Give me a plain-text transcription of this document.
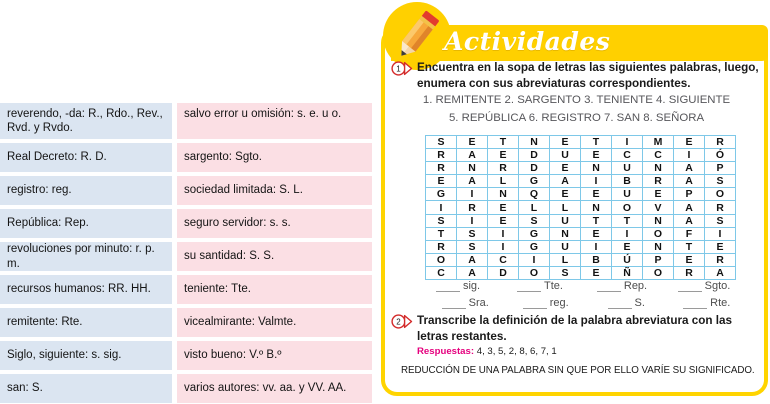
reverendo, -da: R., Rdo., Rev., Rvd. y Rvdo.
Real Decreto: R. D.
registro: reg.
República: Rep.
revoluciones por minuto: r. p. m.
recursos humanos: RR. HH.
remitente: Rte.
Siglo, siguiente: s. sig.
san: S.
salvo error u omisión: s. e. u o.
sargento: Sgto.
sociedad limitada: S. L.
seguro servidor: s. s.
su santidad: S. S.
teniente: Tte.
vicealmirante: Valmte.
visto bueno: V.º B.º
varios autores: vv. aa. y VV. AA.
Actividades
1 Encuentra en la sopa de letras las siguientes palabras, luego, enumera con sus abreviaturas correspondientes.
1. REMITENTE 2. SARGENTO 3. TENIENTE 4. SIGUIENTE
5. REPÚBLICA 6. REGISTRO 7. SAN 8. SEÑORA
S	E	T	N	E	T	I	M	E	R
R	A	E	D	U	E	C	C	I	Ó
R	N	R	D	E	N	U	N	A	P
E	A	L	G	A	I	B	R	A	S
G	I	N	Q	E	E	U	E	P	O
I	R	E	L	L	N	O	V	A	R
S	I	E	S	U	T	T	N	A	S
T	S	I	G	N	E	I	O	F	I
R	S	I	G	U	I	E	N	T	E
O	A	C	I	L	B	Ú	P	E	R
C	A	D	O	S	E	Ñ	O	R	A
sig.	Tte.	Rep.	Sgto.
Sra.	reg.	S.	Rte.
2 Transcribe la definición de la palabra abreviatura con las letras restantes.
Respuestas: 4, 3, 5, 2, 8, 6, 7, 1
REDUCCIÓN DE UNA PALABRA SIN QUE POR ELLO VARÍE SU SIGNIFICADO.
